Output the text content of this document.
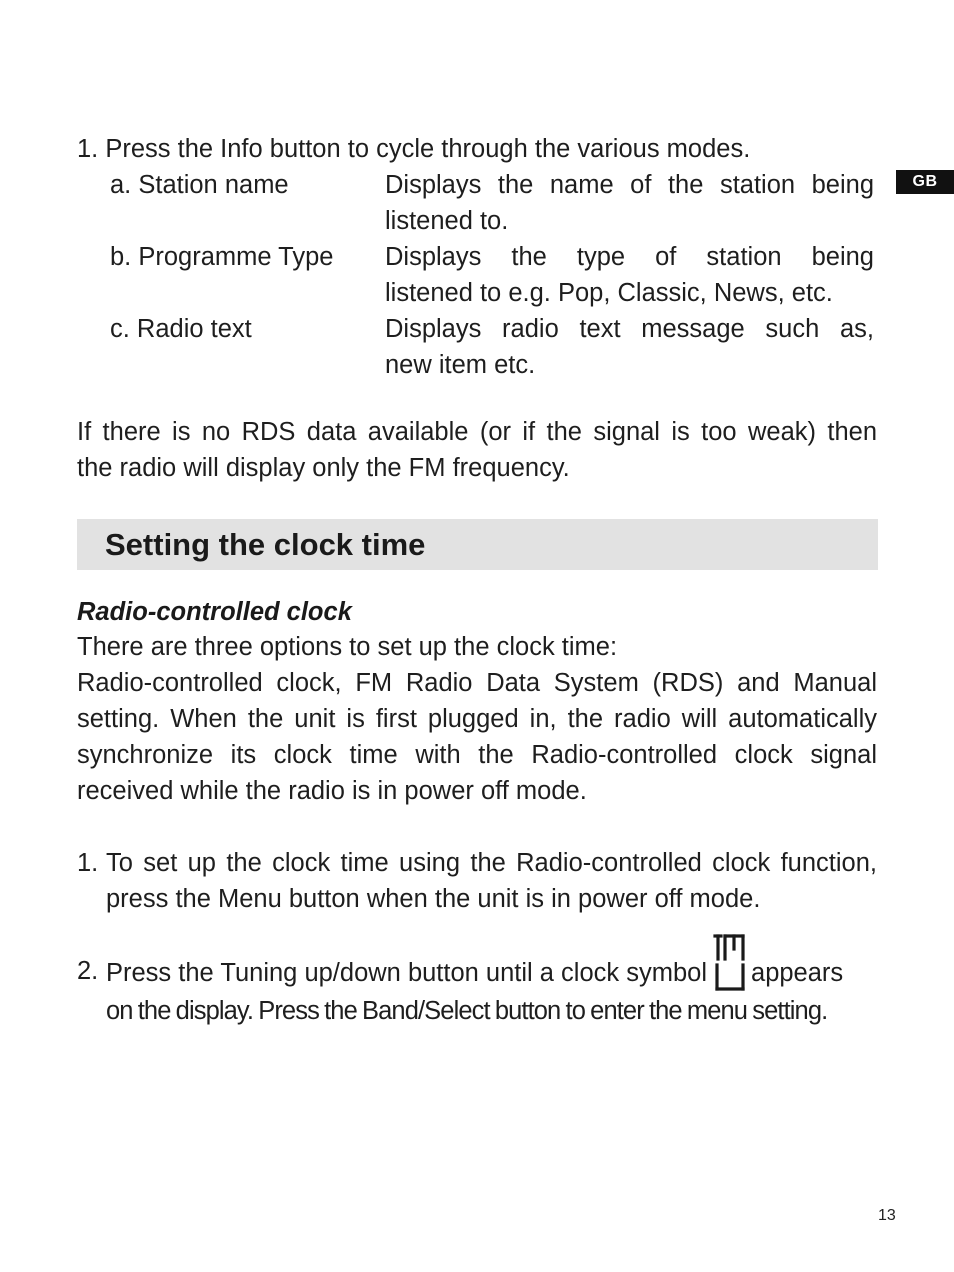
GB
1. Press the Info button to cycle through the various modes.
a. Station name	Displays the name of the station being
listened to.
b. Programme Type	Displays the type of station being
listened to e.g. Pop, Classic, News, etc.
c. Radio text	Displays radio text message such as,
new item etc.
If there is no RDS data available (or if the signal is too weak) then
the radio will display only the FM frequency.
Setting the clock time
Radio-controlled clock
There are three options to set up the clock time:
Radio-controlled clock, FM Radio Data System (RDS) and Manual
setting. When the unit is first plugged in, the radio will automatically
synchronize its clock time with the Radio-controlled clock signal
received while the radio is in power off mode.
1. To set up the clock time using the Radio-controlled clock function,
press the Menu button when the unit is in power off mode.
2. Press the Tuning up/down button until a clock symbol appears
on the display. Press the Band/Select button to enter the menu setting.
13
